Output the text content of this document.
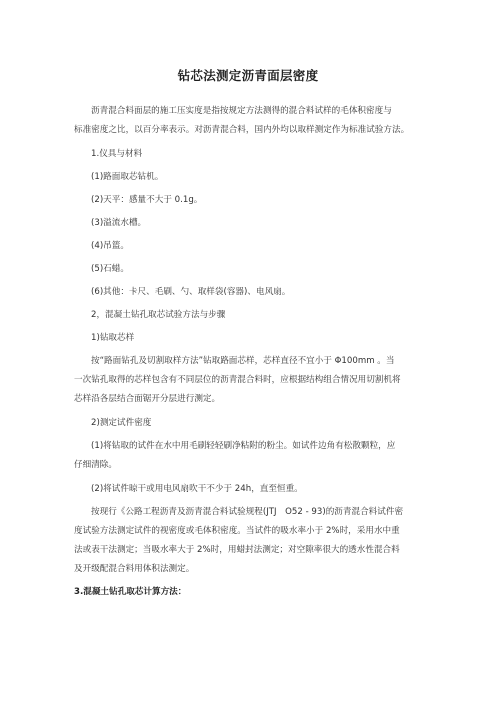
钻芯法测定沥青面层密度
沥青混合料面层的施工压实度是指按规定方法测得的混合料试样的毛体积密度与
标准密度之比，以百分率表示。对沥青混合料，国内外均以取样测定作为标准试验方法。
1.仪具与材料
(1)路面取芯钻机。
(2)天平：感量不大于 0.1g。
(3)溢流水槽。
(4)吊篮。
(5)石蜡。
(6)其他：卡尺、毛刷、勺、取样袋(容器)、电风扇。
2，混凝土钻孔取芯试验方法与步骤
1)钻取芯样
按“路面钻孔及切割取样方法”钻取路面芯样，芯样直径不宜小于 Φ100mm 。当
一次钻孔取得的芯样包含有不同层位的沥青混合料时，应根据结构组合情况用切割机将
芯样沿各层结合面锯开分层进行测定。
2)测定试件密度
(1)将钻取的试件在水中用毛刷轻轻刷净粘附的粉尘。如试件边角有松散颗粒，应
仔细清除。
(2)将试件晾干或用电风扇吹干不少于 24h，直至恒重。
按现行《公路工程沥青及沥青混合料试验规程(JTJ　O52 - 93)的沥青混合料试件密
度试验方法测定试件的视密度或毛体积密度。当试件的吸水率小于 2%时，采用水中重
法或表干法测定；当吸水率大于 2%时，用蜡封法测定；对空隙率很大的透水性混合料
及开级配混合料用体积法测定。
3.混凝土钻孔取芯计算方法：
